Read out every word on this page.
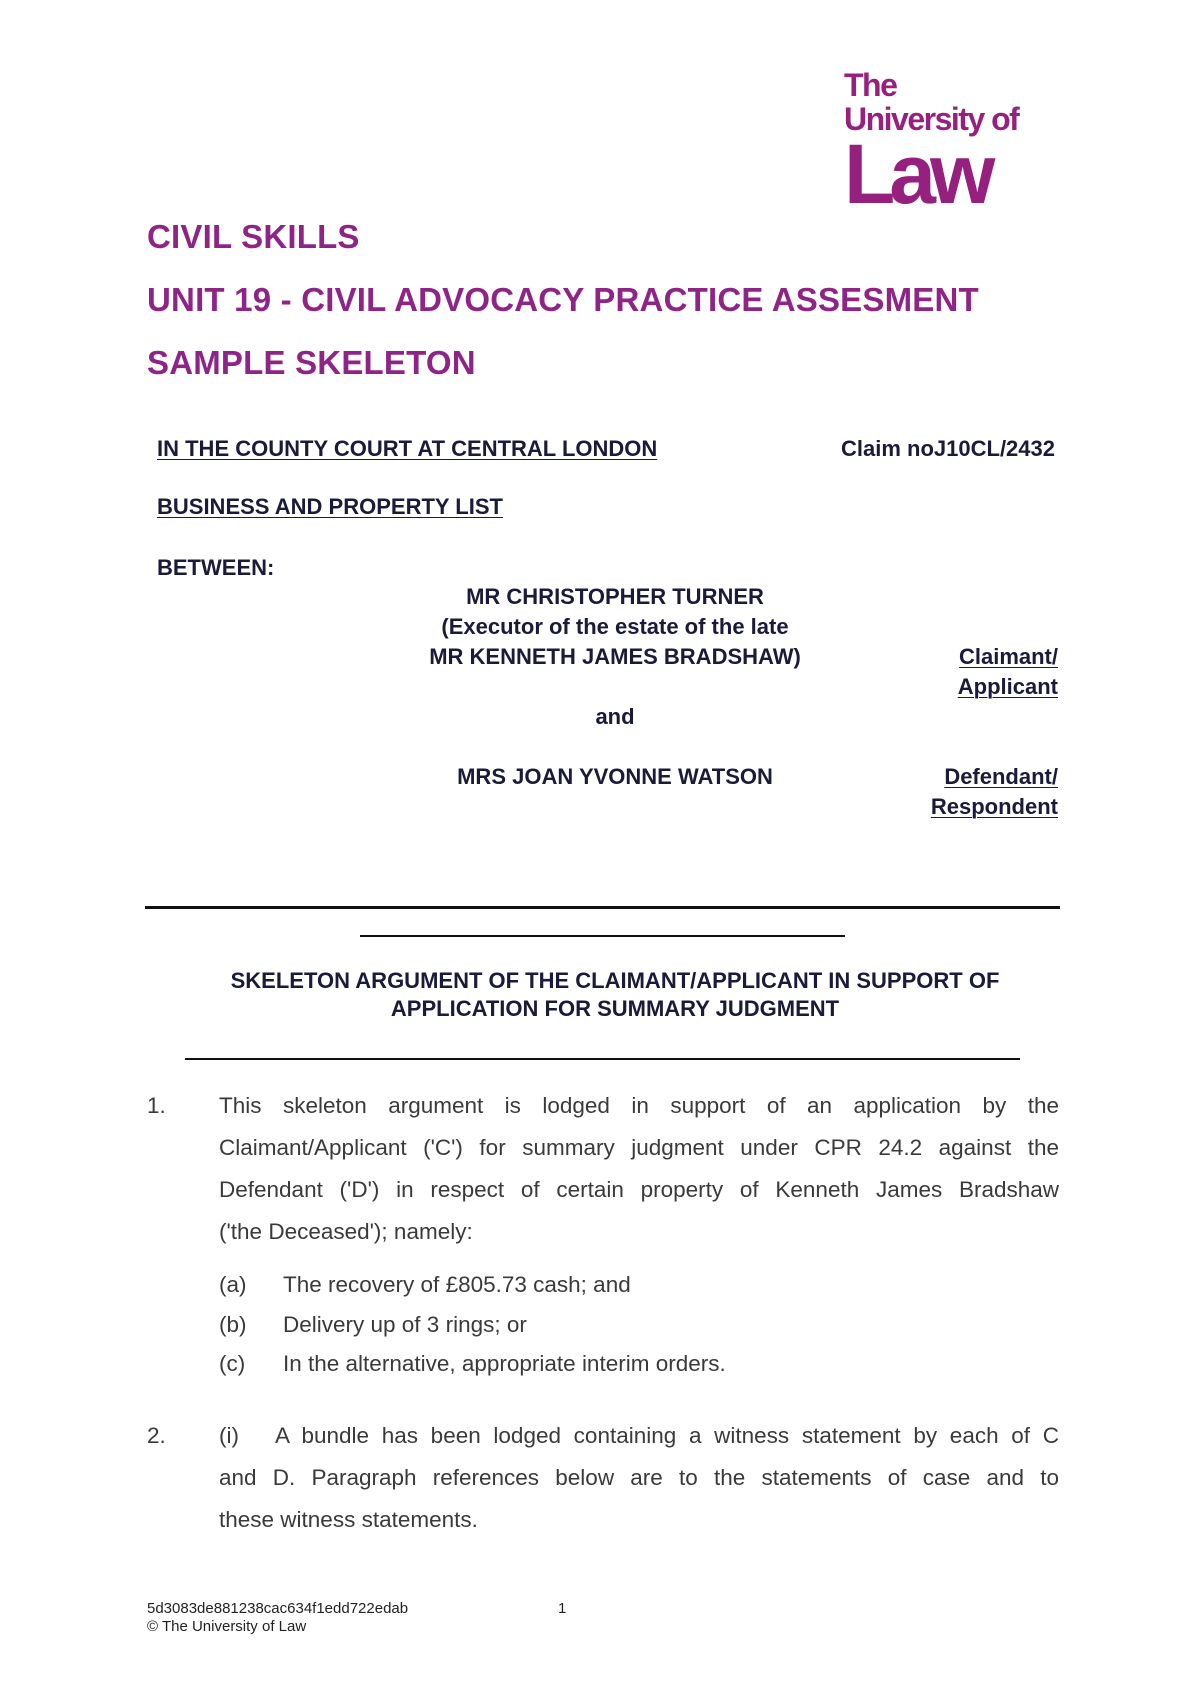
The
University of
Law
CIVIL SKILLS
UNIT 19 - CIVIL ADVOCACY PRACTICE ASSESMENT
SAMPLE SKELETON
IN THE COUNTY COURT AT CENTRAL LONDON	Claim noJ10CL/2432
BUSINESS AND PROPERTY LIST
BETWEEN:
MR CHRISTOPHER TURNER
(Executor of the estate of the late
MR KENNETH JAMES BRADSHAW)	Claimant/
Applicant
and
MRS JOAN YVONNE WATSON	Defendant/
Respondent
SKELETON ARGUMENT OF THE CLAIMANT/APPLICANT IN SUPPORT OF
APPLICATION FOR SUMMARY JUDGMENT
1. This skeleton argument is lodged in support of an application by the
Claimant/Applicant ('C') for summary judgment under CPR 24.2 against the
Defendant ('D') in respect of certain property of Kenneth James Bradshaw
('the Deceased'); namely:
(a) The recovery of £805.73 cash; and
(b) Delivery up of 3 rings; or
(c) In the alternative, appropriate interim orders.
2. (i) A bundle has been lodged containing a witness statement by each of C
and D. Paragraph references below are to the statements of case and to
these witness statements.
5d3083de881238cac634f1edd722edab	1
© The University of Law
